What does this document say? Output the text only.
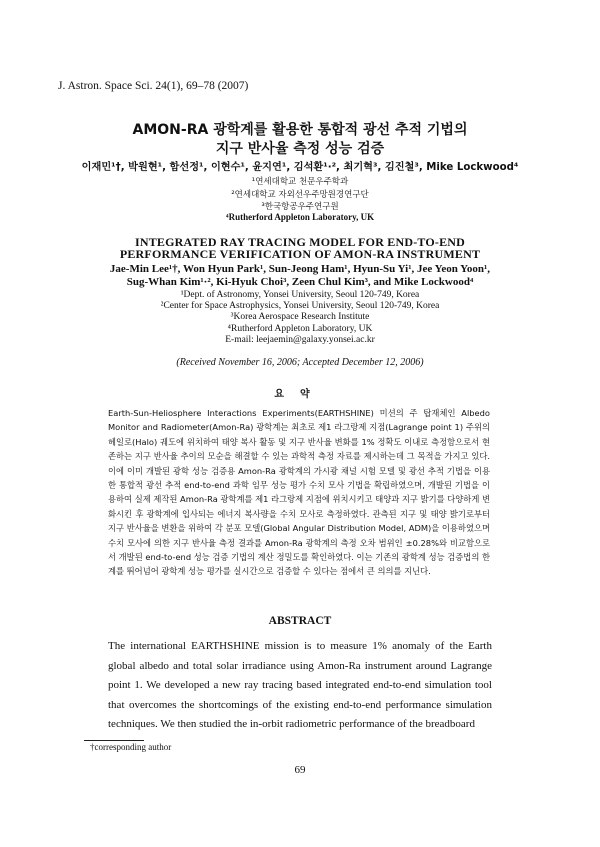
J. Astron. Space Sci. 24(1), 69–78 (2007)
AMON-RA 광학계를 활용한 통합적 광선 추적 기법의
지구 반사율 측정 성능 검증
이재민¹†, 박원현¹, 함선정¹, 이현수¹, 윤지연¹, 김석환¹·², 최기혁³, 김진철³, Mike Lockwood⁴
¹연세대학교 천문우주학과
²연세대학교 자외선우주망원경연구단
³한국항공우주연구원
⁴Rutherford Appleton Laboratory, UK
INTEGRATED RAY TRACING MODEL FOR END-TO-END
PERFORMANCE VERIFICATION OF AMON-RA INSTRUMENT
Jae-Min Lee¹†, Won Hyun Park¹, Sun-Jeong Ham¹, Hyun-Su Yi¹, Jee Yeon Yoon¹,
Sug-Whan Kim¹·², Ki-Hyuk Choi³, Zeen Chul Kim³, and Mike Lockwood⁴
¹Dept. of Astronomy, Yonsei University, Seoul 120-749, Korea
²Center for Space Astrophysics, Yonsei University, Seoul 120-749, Korea
³Korea Aerospace Research Institute
⁴Rutherford Appleton Laboratory, UK
E-mail: leejaemin@galaxy.yonsei.ac.kr
(Received November 16, 2006; Accepted December 12, 2006)
요약

Earth-Sun-Heliosphere Interactions Experiments(EARTHSHINE) 미션의 주 탑재체인 Albedo Monitor and Radiometer(Amon-Ra) 광학계는 최초로 제1 라그랑제 지점(Lagrange point 1) 주위의 헤일로(Halo) 궤도에 위치하여 태양 복사 활동 및 지구 반사율 변화를 1% 정확도 이내로 측정함으로서 현존하는 지구 반사율 추이의 모순을 해결할 수 있는 과학적 측정 자료를 제시하는데 그 목적을 가지고 있다. 이에 이미 개발된 광학 성능 검증용 Amon-Ra 광학계의 가시광 채널 시험 모델 및 광선 추적 기법을 이용한 통합적 광선 추적 end-to-end 과학 임무 성능 평가 수치 모사 기법을 확립하였으며, 개발된 기법을 이용하여 실제 제작된 Amon-Ra 광학계를 제1 라그랑제 지점에 위치시키고 태양과 지구 밝기를 다양하게 변화시킨 후 광학계에 입사되는 에너지 복사량을 수치 모사로 측정하였다. 관측된 지구 및 태양 밝기로부터 지구 반사율을 변환을 위하여 각 분포 모델(Global Angular Distribution Model, ADM)을 이용하였으며 수치 모사에 의한 지구 반사율 측정 결과를 Amon-Ra 광학계의 측정 오차 범위인 ±0.28%와 비교함으로서 개발된 end-to-end 성능 검증 기법의 계산 정밀도를 확인하였다. 이는 기존의 광학계 성능 검증법의 한계를 뛰어넘어 광학계 성능 평가를 실시간으로 검증할 수 있다는 점에서 큰 의의를 지닌다.

ABSTRACT

The international EARTHSHINE mission is to measure 1% anomaly of the Earth global albedo and total solar irradiance using Amon-Ra instrument around Lagrange point 1. We developed a new ray tracing based integrated end-to-end simulation tool that overcomes the shortcomings of the existing end-to-end performance simulation techniques. We then studied the in-orbit radiometric performance of the breadboard

†corresponding author
69
